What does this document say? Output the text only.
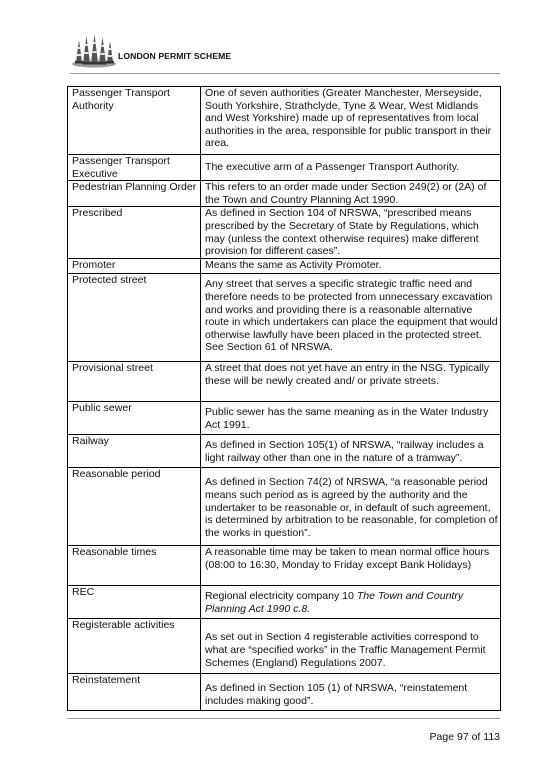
LONDON PERMIT SCHEME
Passenger Transport Authority	One of seven authorities (Greater Manchester, Merseyside, South Yorkshire, Strathclyde, Tyne & Wear, West Midlands and West Yorkshire) made up of representatives from local authorities in the area, responsible for public transport in their area.
Passenger Transport Executive	The executive arm of a Passenger Transport Authority.
Pedestrian Planning Order	This refers to an order made under Section 249(2) or (2A) of the Town and Country Planning Act 1990.
Prescribed	As defined in Section 104 of NRSWA, “prescribed means prescribed by the Secretary of State by Regulations, which may (unless the context otherwise requires) make different provision for different cases”.
Promoter	Means the same as Activity Promoter.
Protected street	Any street that serves a specific strategic traffic need and therefore needs to be protected from unnecessary excavation and works and providing there is a reasonable alternative route in which undertakers can place the equipment that would otherwise lawfully have been placed in the protected street. See Section 61 of NRSWA.
Provisional street	A street that does not yet have an entry in the NSG. Typically these will be newly created and/ or private streets.
Public sewer	Public sewer has the same meaning as in the Water Industry Act 1991.
Railway	As defined in Section 105(1) of NRSWA, “railway includes a light railway other than one in the nature of a tramway”.
Reasonable period	As defined in Section 74(2) of NRSWA, “a reasonable period means such period as is agreed by the authority and the undertaker to be reasonable or, in default of such agreement, is determined by arbitration to be reasonable, for completion of the works in question”.
Reasonable times	A reasonable time may be taken to mean normal office hours (08:00 to 16:30, Monday to Friday except Bank Holidays)
REC	Regional electricity company 10 The Town and Country Planning Act 1990 c.8.
Registerable activities	As set out in Section 4 registerable activities correspond to what are “specified works” in the Traffic Management Permit Schemes (England) Regulations 2007.
Reinstatement	As defined in Section 105 (1) of NRSWA, “reinstatement includes making good”.
Page 97 of 113
